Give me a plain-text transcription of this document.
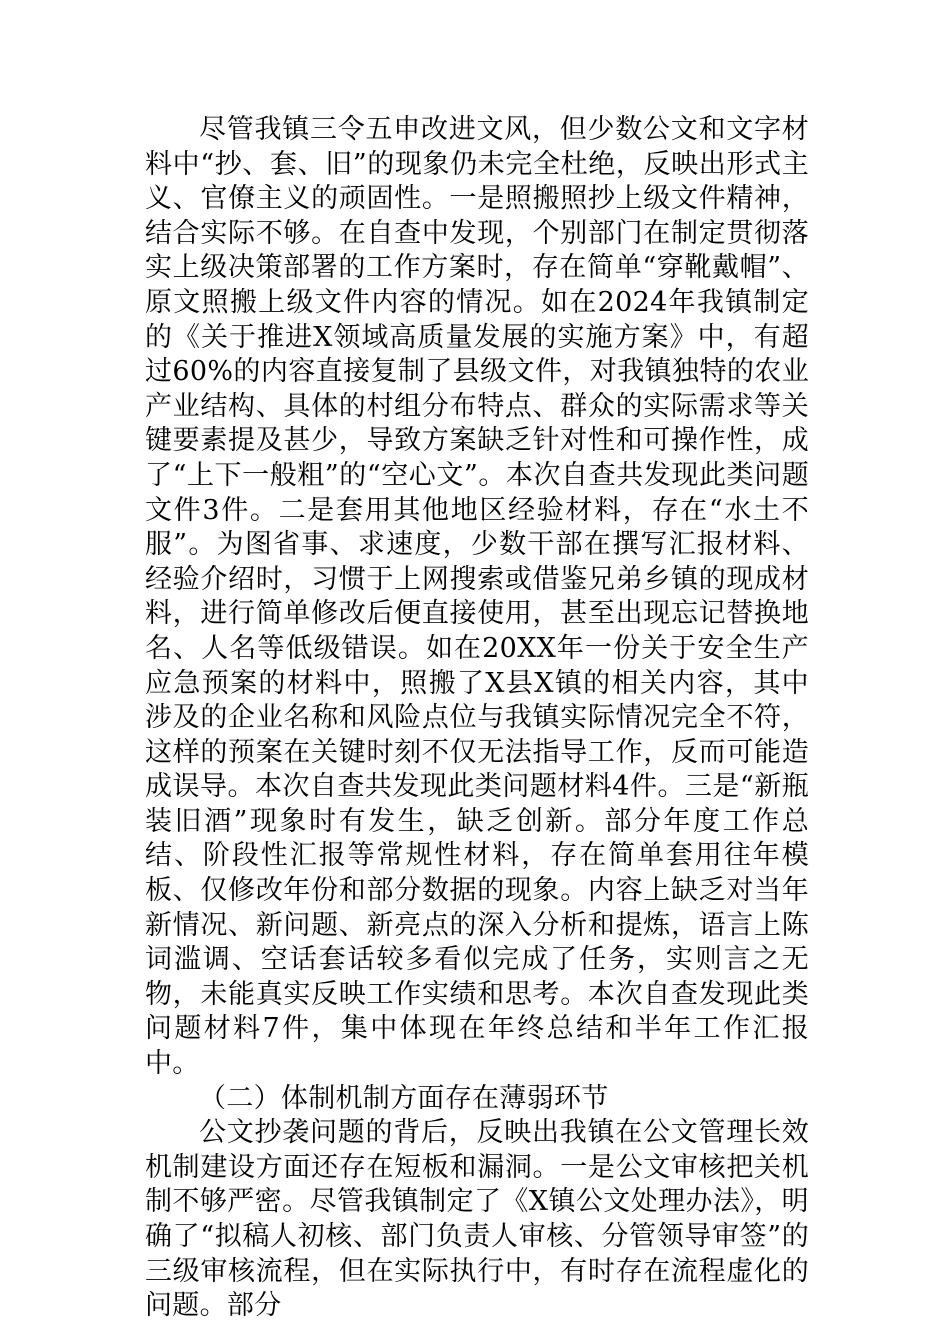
尽管我镇三令五申改进文风，但少数公文和文字材料中“抄、套、旧”的现象仍未完全杜绝，反映出形式主义、官僚主义的顽固性。一是照搬照抄上级文件精神，结合实际不够。在自查中发现，个别部门在制定贯彻落实上级决策部署的工作方案时，存在简单“穿靴戴帽”、原文照搬上级文件内容的情况。如在2024年我镇制定的《关于推进X领域高质量发展的实施方案》中，有超过60%的内容直接复制了县级文件，对我镇独特的农业产业结构、具体的村组分布特点、群众的实际需求等关键要素提及甚少，导致方案缺乏针对性和可操作性，成了“上下一般粗”的“空心文”。本次自查共发现此类问题文件3件。二是套用其他地区经验材料，存在“水土不服”。为图省事、求速度，少数干部在撰写汇报材料、经验介绍时，习惯于上网搜索或借鉴兄弟乡镇的现成材料，进行简单修改后便直接使用，甚至出现忘记替换地名、人名等低级错误。如在20XX年一份关于安全生产应急预案的材料中，照搬了X县X镇的相关内容，其中涉及的企业名称和风险点位与我镇实际情况完全不符，这样的预案在关键时刻不仅无法指导工作，反而可能造成误导。本次自查共发现此类问题材料4件。三是“新瓶装旧酒”现象时有发生，缺乏创新。部分年度工作总结、阶段性汇报等常规性材料，存在简单套用往年模板、仅修改年份和部分数据的现象。内容上缺乏对当年新情况、新问题、新亮点的深入分析和提炼，语言上陈词滥调、空话套话较多看似完成了任务，实则言之无物，未能真实反映工作实绩和思考。本次自查发现此类问题材料7件，集中体现在年终总结和半年工作汇报中。

（二）体制机制方面存在薄弱环节

公文抄袭问题的背后，反映出我镇在公文管理长效机制建设方面还存在短板和漏洞。一是公文审核把关机制不够严密。尽管我镇制定了《X镇公文处理办法》，明确了“拟稿人初核、部门负责人审核、分管领导审签”的三级审核流程，但在实际执行中，有时存在流程虚化的问题。部分
